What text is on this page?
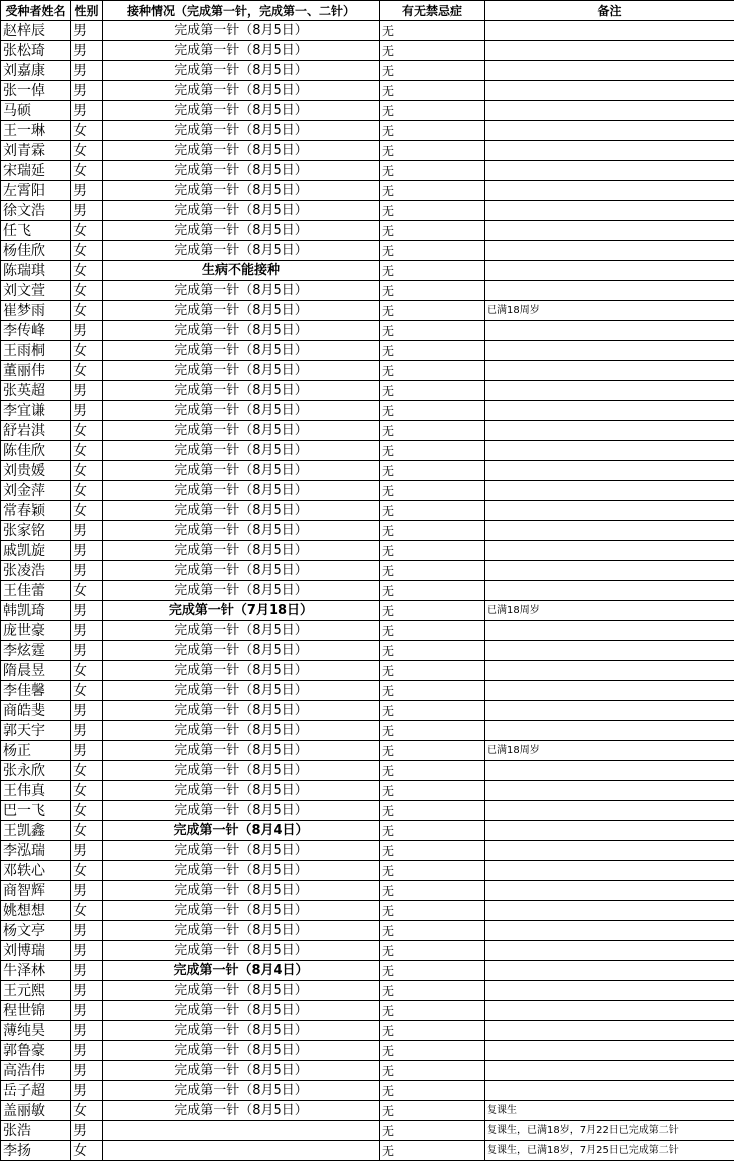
受种者姓名	性别	接种情况（完成第一针，完成第一、二针）	有无禁忌症	备注
赵梓辰	男	完成第一针（8月5日）	无	
张松琦	男	完成第一针（8月5日）	无	
刘嘉康	男	完成第一针（8月5日）	无	
张一倬	男	完成第一针（8月5日）	无	
马硕	男	完成第一针（8月5日）	无	
王一琳	女	完成第一针（8月5日）	无	
刘青霖	女	完成第一针（8月5日）	无	
宋瑞延	女	完成第一针（8月5日）	无	
左霄阳	男	完成第一针（8月5日）	无	
徐文浩	男	完成第一针（8月5日）	无	
任飞	女	完成第一针（8月5日）	无	
杨佳欣	女	完成第一针（8月5日）	无	
陈瑞琪	女	生病不能接种	无	
刘文萱	女	完成第一针（8月5日）	无	
崔梦雨	女	完成第一针（8月5日）	无	已满18周岁
李传峰	男	完成第一针（8月5日）	无	
王雨桐	女	完成第一针（8月5日）	无	
董丽伟	女	完成第一针（8月5日）	无	
张英超	男	完成第一针（8月5日）	无	
李宜谦	男	完成第一针（8月5日）	无	
舒岩淇	女	完成第一针（8月5日）	无	
陈佳欣	女	完成第一针（8月5日）	无	
刘贵媛	女	完成第一针（8月5日）	无	
刘金萍	女	完成第一针（8月5日）	无	
常春颖	女	完成第一针（8月5日）	无	
张家铭	男	完成第一针（8月5日）	无	
戚凯旋	男	完成第一针（8月5日）	无	
张凌浩	男	完成第一针（8月5日）	无	
王佳蕾	女	完成第一针（8月5日）	无	
韩凯琦	男	完成第一针（7月18日）	无	已满18周岁
庞世豪	男	完成第一针（8月5日）	无	
李炫霆	男	完成第一针（8月5日）	无	
隋晨昱	女	完成第一针（8月5日）	无	
李佳馨	女	完成第一针（8月5日）	无	
商皓斐	男	完成第一针（8月5日）	无	
郭天宇	男	完成第一针（8月5日）	无	
杨正	男	完成第一针（8月5日）	无	已满18周岁
张永欣	女	完成第一针（8月5日）	无	
王伟真	女	完成第一针（8月5日）	无	
巴一飞	女	完成第一针（8月5日）	无	
王凯鑫	女	完成第一针（8月4日）	无	
李泓瑞	男	完成第一针（8月5日）	无	
邓轶心	女	完成第一针（8月5日）	无	
商智辉	男	完成第一针（8月5日）	无	
姚想想	女	完成第一针（8月5日）	无	
杨文亭	男	完成第一针（8月5日）	无	
刘博瑞	男	完成第一针（8月5日）	无	
牛泽林	男	完成第一针（8月4日）	无	
王元熙	男	完成第一针（8月5日）	无	
程世锦	男	完成第一针（8月5日）	无	
薄纯昊	男	完成第一针（8月5日）	无	
郭鲁豪	男	完成第一针（8月5日）	无	
高浩伟	男	完成第一针（8月5日）	无	
岳子超	男	完成第一针（8月5日）	无	
盖丽敏	女	完成第一针（8月5日）	无	复课生
张浩	男		无	复课生，已满18岁，7月22日已完成第二针
李扬	女		无	复课生，已满18岁，7月25日已完成第二针
